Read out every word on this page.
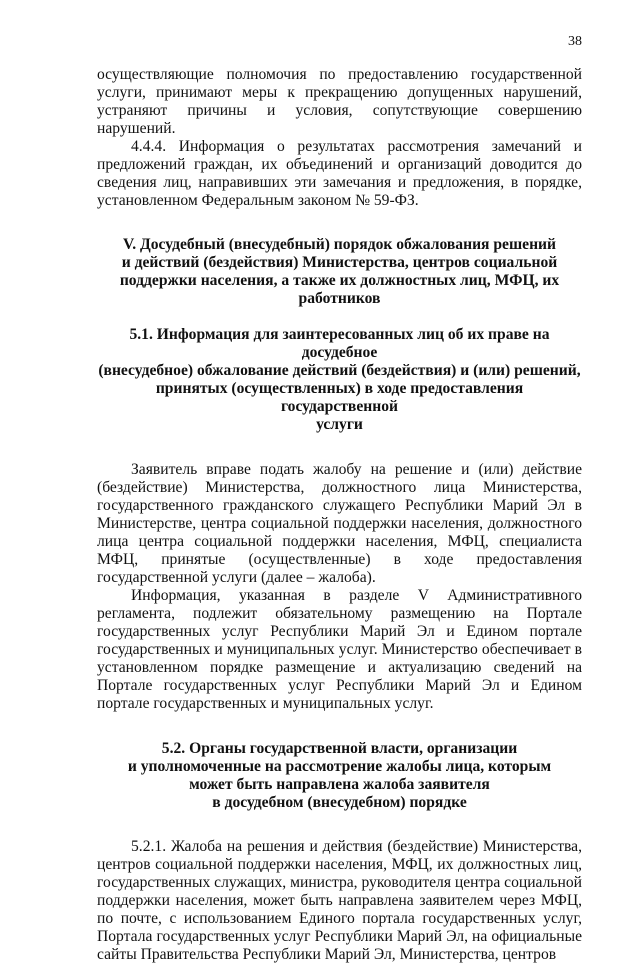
38

осуществляющие полномочия по предоставлению государственной услуги, принимают меры к прекращению допущенных нарушений, устраняют причины и условия, сопутствующие совершению нарушений.

4.4.4. Информация о результатах рассмотрения замечаний и предложений граждан, их объединений и организаций доводится до сведения лиц, направивших эти замечания и предложения, в порядке, установленном Федеральным законом № 59-ФЗ.

V. Досудебный (внесудебный) порядок обжалования решений
и действий (бездействия) Министерства, центров социальной
поддержки населения, а также их должностных лиц, МФЦ, их
работников
5.1. Информация для заинтересованных лиц об их праве на досудебное
(внесудебное) обжалование действий (бездействия) и (или) решений,
принятых (осуществленных) в ходе предоставления государственной
услуги

Заявитель вправе подать жалобу на решение и (или) действие (бездействие) Министерства, должностного лица Министерства, государственного гражданского служащего Республики Марий Эл в Министерстве, центра социальной поддержки населения, должностного лица центра социальной поддержки населения, МФЦ, специалиста МФЦ, принятые (осуществленные) в ходе предоставления государственной услуги (далее – жалоба).

Информация, указанная в разделе V Административного регламента, подлежит обязательному размещению на Портале государственных услуг Республики Марий Эл и Едином портале государственных и муниципальных услуг. Министерство обеспечивает в установленном порядке размещение и актуализацию сведений на Портале государственных услуг Республики Марий Эл и Едином портале государственных и муниципальных услуг.

5.2. Органы государственной власти, организации
и уполномоченные на рассмотрение жалобы лица, которым
может быть направлена жалоба заявителя
в досудебном (внесудебном) порядке

5.2.1. Жалоба на решения и действия (бездействие) Министерства, центров социальной поддержки населения, МФЦ, их должностных лиц, государственных служащих, министра, руководителя центра социальной поддержки населения, может быть направлена заявителем через МФЦ, по почте, с использованием Единого портала государственных услуг, Портала государственных услуг Республики Марий Эл, на официальные сайты Правительства Республики Марий Эл, Министерства, центров
